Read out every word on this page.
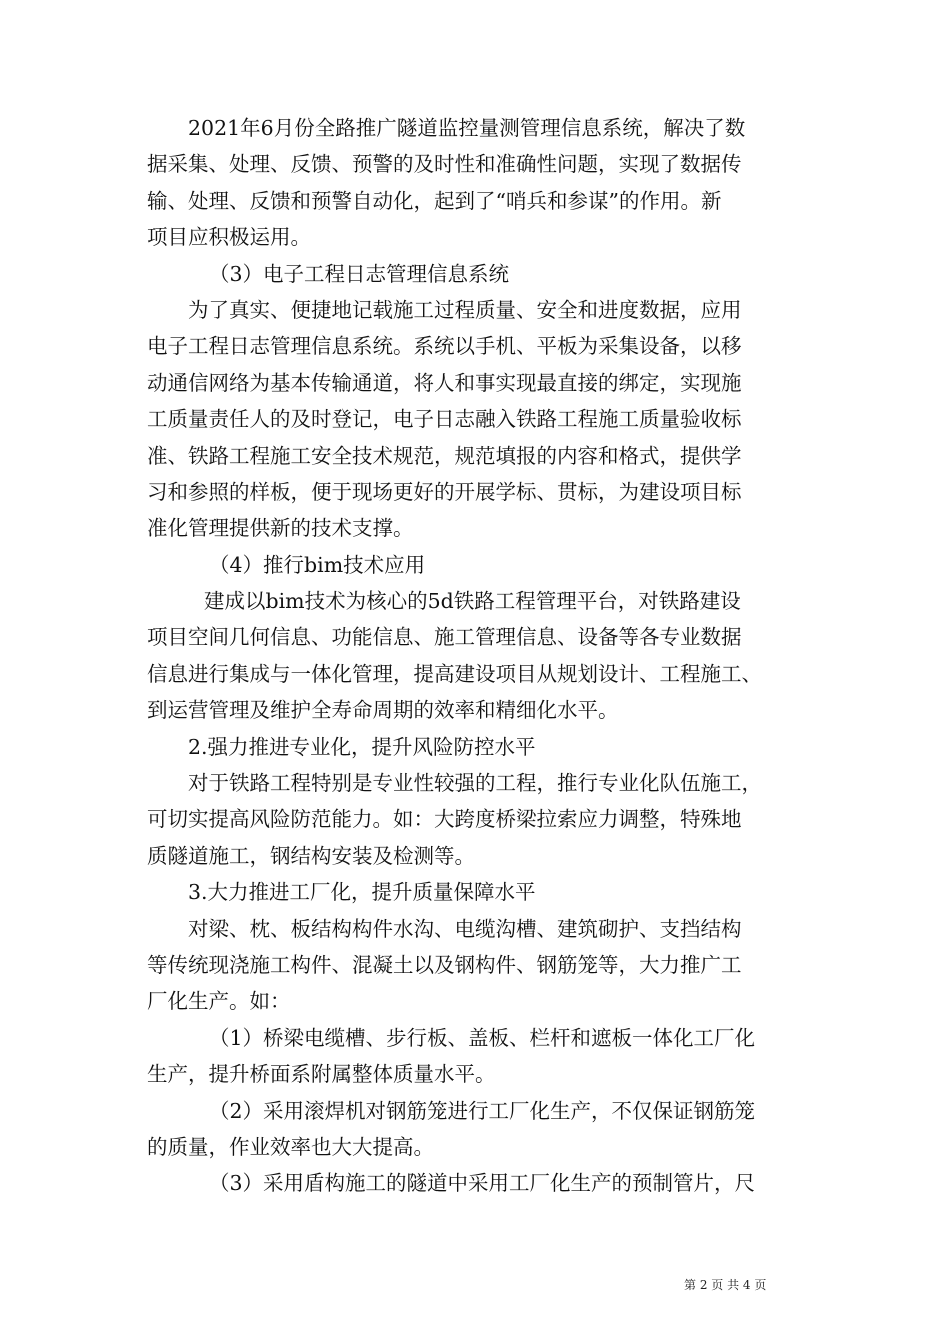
2021年6月份全路推广隧道监控量测管理信息系统，解决了数
据采集、处理、反馈、预警的及时性和准确性问题，实现了数据传
输、处理、反馈和预警自动化，起到了“哨兵和参谋”的作用。新
项目应积极运用。
（3）电子工程日志管理信息系统
为了真实、便捷地记载施工过程质量、安全和进度数据，应用
电子工程日志管理信息系统。系统以手机、平板为采集设备，以移
动通信网络为基本传输通道，将人和事实现最直接的绑定，实现施
工质量责任人的及时登记，电子日志融入铁路工程施工质量验收标
准、铁路工程施工安全技术规范，规范填报的内容和格式，提供学
习和参照的样板，便于现场更好的开展学标、贯标，为建设项目标
准化管理提供新的技术支撑。
（4）推行bim技术应用
建成以bim技术为核心的5d铁路工程管理平台，对铁路建设
项目空间几何信息、功能信息、施工管理信息、设备等各专业数据
信息进行集成与一体化管理，提高建设项目从规划设计、工程施工、
到运营管理及维护全寿命周期的效率和精细化水平。
2.强力推进专业化，提升风险防控水平
对于铁路工程特别是专业性较强的工程，推行专业化队伍施工，
可切实提高风险防范能力。如：大跨度桥梁拉索应力调整，特殊地
质隧道施工，钢结构安装及检测等。
3.大力推进工厂化，提升质量保障水平
对梁、枕、板结构构件水沟、电缆沟槽、建筑砌护、支挡结构
等传统现浇施工构件、混凝土以及钢构件、钢筋笼等，大力推广工
厂化生产。如：
（1）桥梁电缆槽、步行板、盖板、栏杆和遮板一体化工厂化
生产，提升桥面系附属整体质量水平。
（2）采用滚焊机对钢筋笼进行工厂化生产，不仅保证钢筋笼
的质量，作业效率也大大提高。
（3）采用盾构施工的隧道中采用工厂化生产的预制管片，尺
第 2 页 共 4 页
